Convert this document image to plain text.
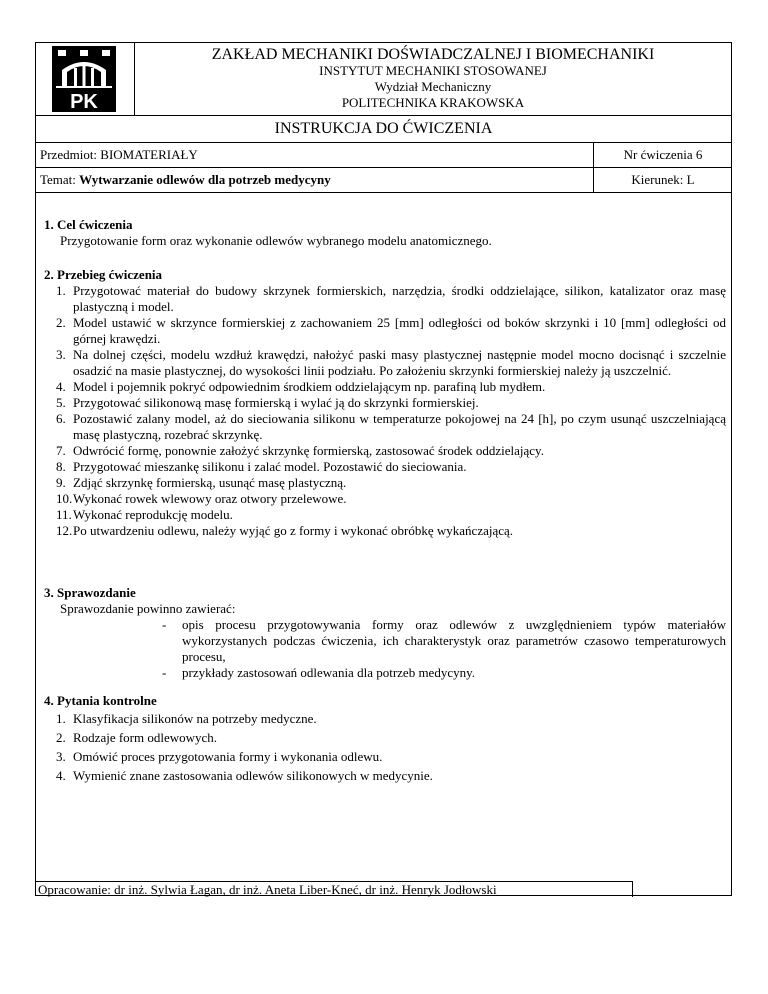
PK
ZAKŁAD MECHANIKI DOŚWIADCZALNEJ I BIOMECHANIKI
INSTYTUT MECHANIKI STOSOWANEJ
Wydział Mechaniczny
POLITECHNIKA KRAKOWSKA
INSTRUKCJA DO ĆWICZENIA
Przedmiot: BIOMATERIAŁY	Nr ćwiczenia 6
Temat: Wytwarzanie odlewów dla potrzeb medycyny	Kierunek: L
1. Cel ćwiczenia
Przygotowanie form oraz wykonanie odlewów wybranego modelu anatomicznego.
2. Przebieg ćwiczenia
1. Przygotować materiał do budowy skrzynek formierskich, narzędzia, środki oddzielające, silikon, katalizator oraz masę plastyczną i model.
2. Model ustawić w skrzynce formierskiej z zachowaniem 25 [mm] odległości od boków skrzynki i 10 [mm] odległości od górnej krawędzi.
3. Na dolnej części, modelu wzdłuż krawędzi, nałożyć paski masy plastycznej następnie model mocno docisnąć i szczelnie osadzić na masie plastycznej, do wysokości linii podziału. Po założeniu skrzynki formierskiej należy ją uszczelnić.
4. Model i pojemnik pokryć odpowiednim środkiem oddzielającym np. parafiną lub mydłem.
5. Przygotować silikonową masę formierską i wylać ją do skrzynki formierskiej.
6. Pozostawić zalany model, aż do sieciowania silikonu w temperaturze pokojowej na 24 [h], po czym usunąć uszczelniającą masę plastyczną, rozebrać skrzynkę.
7. Odwrócić formę, ponownie założyć skrzynkę formierską, zastosować środek oddzielający.
8. Przygotować mieszankę silikonu i zalać model. Pozostawić do sieciowania.
9. Zdjąć skrzynkę formierską, usunąć masę plastyczną.
10. Wykonać rowek wlewowy oraz otwory przelewowe.
11. Wykonać reprodukcję modelu.
12. Po utwardzeniu odlewu, należy wyjąć go z formy i wykonać obróbkę wykańczającą.
3. Sprawozdanie
Sprawozdanie powinno zawierać:
- opis procesu przygotowywania formy oraz odlewów z uwzględnieniem typów materiałów wykorzystanych podczas ćwiczenia, ich charakterystyk oraz parametrów czasowo temperaturowych procesu,
- przykłady zastosowań odlewania dla potrzeb medycyny.
4. Pytania kontrolne
1. Klasyfikacja silikonów na potrzeby medyczne.
2. Rodzaje form odlewowych.
3. Omówić proces przygotowania formy i wykonania odlewu.
4. Wymienić znane zastosowania odlewów silikonowych w medycynie.
Opracowanie: dr inż. Sylwia Łagan, dr inż. Aneta Liber-Kneć, dr inż. Henryk Jodłowski
